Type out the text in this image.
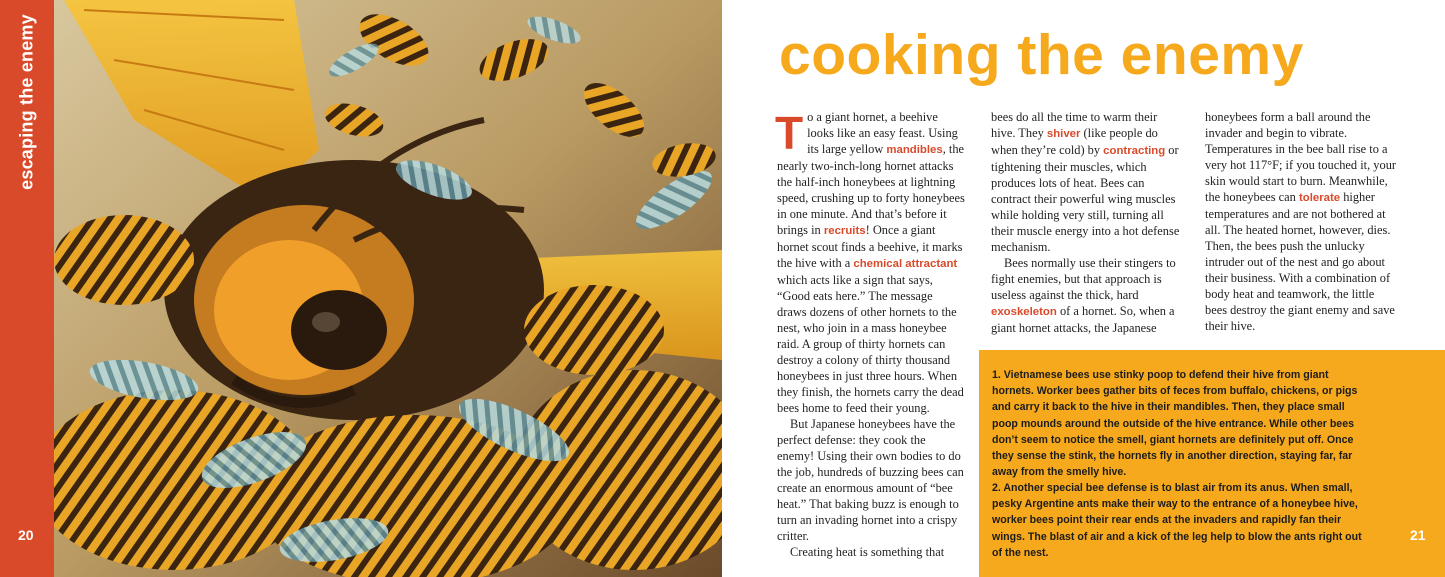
escaping the enemy
20
cooking the enemy

To a giant hornet, a beehive looks like an easy feast. Using its large yellow mandibles, the nearly two-inch-long hornet attacks the half-inch honeybees at lightning speed, crushing up to forty honeybees in one minute. And that’s before it brings in recruits! Once a giant hornet scout finds a beehive, it marks the hive with a chemical attractant which acts like a sign that says, “Good eats here.” The message draws dozens of other hornets to the nest, who join in a mass honeybee raid. A group of thirty hornets can destroy a colony of thirty thousand honeybees in just three hours. When they finish, the hornets carry the dead bees home to feed their young.

But Japanese honeybees have the perfect defense: they cook the enemy! Using their own bodies to do the job, hundreds of buzzing bees can create an enormous amount of “bee heat.” That baking buzz is enough to turn an invading hornet into a crispy critter.

Creating heat is something that

bees do all the time to warm their hive. They shiver (like people do when they’re cold) by contracting or tightening their muscles, which produces lots of heat. Bees can contract their powerful wing muscles while holding very still, turning all their muscle energy into a hot defense mechanism.

Bees normally use their stingers to fight enemies, but that approach is useless against the thick, hard exoskeleton of a hornet. So, when a giant hornet attacks, the Japanese

honeybees form a ball around the invader and begin to vibrate. Temperatures in the bee ball rise to a very hot 117°F; if you touched it, your skin would start to burn. Meanwhile, the honeybees can tolerate higher temperatures and are not bothered at all. The heated hornet, however, dies. Then, the bees push the unlucky intruder out of the nest and go about their business. With a combination of body heat and teamwork, the little bees destroy the giant enemy and save their hive.

1. Vietnamese bees use stinky poop to defend their hive from giant hornets. Worker bees gather bits of feces from buffalo, chickens, or pigs and carry it back to the hive in their mandibles. Then, they place small poop mounds around the outside of the hive entrance. While other bees don’t seem to notice the smell, giant hornets are definitely put off. Once they sense the stink, the hornets fly in another direction, staying far, far away from the smelly hive.
2. Another special bee defense is to blast air from its anus. When small, pesky Argentine ants make their way to the entrance of a honeybee hive, worker bees point their rear ends at the invaders and rapidly fan their wings. The blast of air and a kick of the leg help to blow the ants right out of the nest.
21
